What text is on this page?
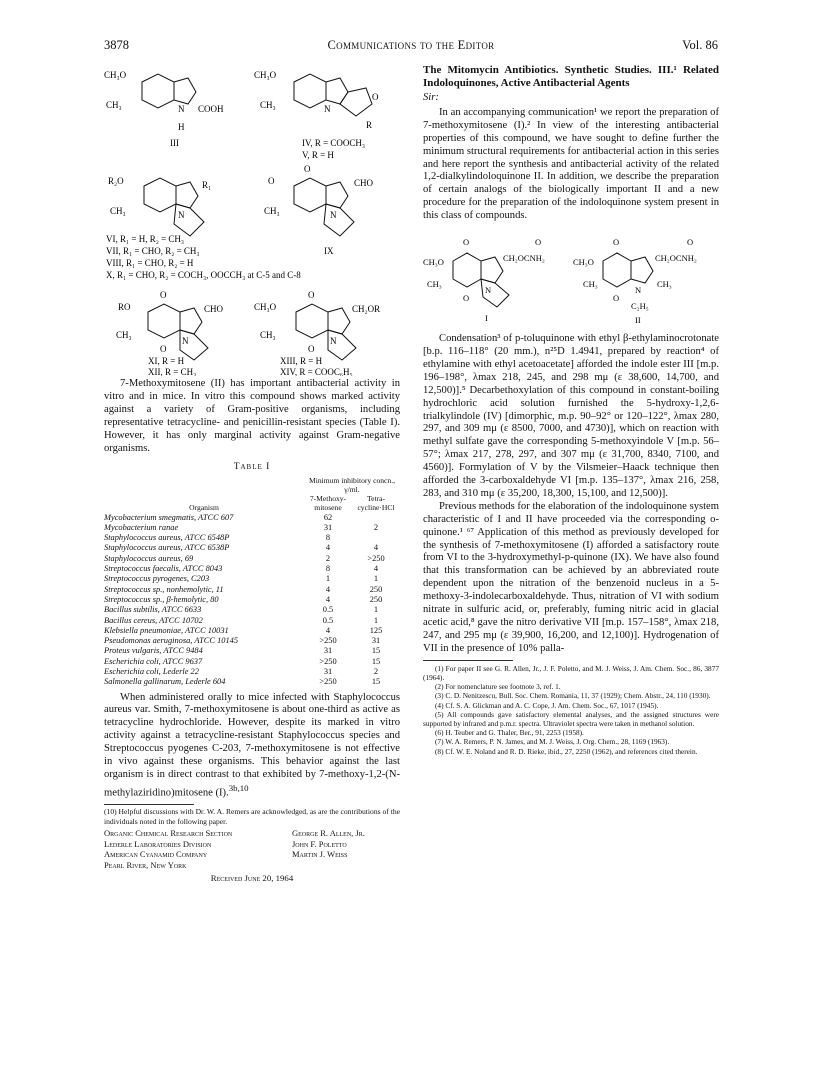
3878	Communications to the Editor	Vol. 86
CH₃O
CH₃	N COOH
H
III
CH₃O
CH₃	N
O
R
IV, R = COOCH₃
V, R = H
R₂O	R₁
CH₃	N
O
O
CHO
CH₃	N
IX
VI, R₁ = H, R₂ = CH₃
VII, R₁ = CHO, R₂ = CH₃
VIII, R₁ = CHO, R₂ = H
X, R₁ = CHO, R₂ = COCH₃, OOCCH₃ at C-5 and C-8
RO
O
CHO
CH₃
O
N
XI, R = H
XII, R = CH₃
CH₃O
O
CH₂OR
CH₃
O
N
XIII, R = H
XIV, R = COOC₆H₅

7-Methoxymitosene (II) has important antibacterial activity in vitro and in mice. In vitro this compound shows marked activity against a variety of Gram-positive organisms, including representative tetracycline- and penicillin-resistant species (Table I). However, it has only marginal activity against Gram-negative organisms.

Table I
	Minimum inhibitory concn., γ/ml.	
Organism	7-Methoxy-mitosene	Tetra-cycline·HCl
Mycobacterium smegmatis, ATCC 607	62	
Mycobacterium ranae	31	2
Staphylococcus aureus, ATCC 6548P	8	
Staphylococcus aureus, ATCC 6538P	4	4
Staphylococcus aureus, 69	2	>250
Streptococcus faecalis, ATCC 8043	8	4
Streptococcus pyrogenes, C203	1	1
Streptococcus sp., nonhemolytic, 11	4	250
Streptococcus sp., β-hemolytic, 80	4	250
Bacillus subtilis, ATCC 6633	0.5	1
Bacillus cereus, ATCC 10702	0.5	1
Klebsiella pneumoniae, ATCC 10031	4	125
Pseudomonas aeruginosa, ATCC 10145	>250	31
Proteus vulgaris, ATCC 9484	31	15
Escherichia coli, ATCC 9637	>250	15
Escherichia coli, Lederle 22	31	2
Salmonella gallinarum, Lederle 604	>250	15

When administered orally to mice infected with Staphylococcus aureus var. Smith, 7-methoxymitosene is about one-third as active as tetracycline hydrochloride. However, despite its marked in vitro activity against a tetracycline-resistant Staphylococcus species and Streptococcus pyogenes C-203, 7-methoxymitosene is not effective in vivo against these organisms. This behavior against the last organism is in direct contrast to that exhibited by 7-methoxy-1,2-(N-methylaziridino)mitosene (I).$^{3b,10}$

(10) Helpful discussions with Dr. W. A. Remers are acknowledged, as are the contributions of the individuals noted in the following paper.
Organic Chemical Research Section	George R. Allen, Jr.
Lederle Laboratories Division	John F. Poletto
American Cyanamid Company	Martin J. Weiss
Pearl River, New York
Received June 20, 1964
The Mitomycin Antibiotics. Synthetic Studies. III.¹ Related Indoloquinones, Active Antibacterial Agents
Sir:

In an accompanying communication¹ we report the preparation of 7-methoxymitosene (I).² In view of the interesting antibacterial properties of this compound, we have sought to define further the minimum structural requirements for antibacterial action in this series and here report the synthesis and antibacterial activity of the related 1,2-dialkylindoloquinone II. In addition, we describe the preparation of certain analogs of the biologically important II and a new procedure for the preparation of the indoloquinone system present in this class of compounds.

CH₃O
O
CH₂OCNH₂
O
CH₃
O
N
I
CH₃O
O
CH₂OCNH₂
O
CH₃
O
N
CH₃
C₂H₅
II

Condensation³ of p-toluquinone with ethyl β-ethylaminocrotonate [b.p. 116–118° (20 mm.), n²⁵D 1.4941, prepared by reaction⁴ of ethylamine with ethyl acetoacetate] afforded the indole ester III [m.p. 196–198°, λmax 218, 245, and 298 mμ (ε 38,600, 14,700, and 12,500)].⁵ Decarbethoxylation of this compound in constant-boiling hydrochloric acid solution furnished the 5-hydroxy-1,2,6-trialkylindole (IV) [dimorphic, m.p. 90–92° or 120–122°, λmax 280, 297, and 309 mμ (ε 8500, 7000, and 4730)], which on reaction with methyl sulfate gave the corresponding 5-methoxyindole V [m.p. 56–57°; λmax 217, 278, 297, and 307 mμ (ε 31,700, 8340, 7100, and 4560)]. Formylation of V by the Vilsmeier–Haack technique then afforded the 3-carboxaldehyde VI [m.p. 135–137°, λmax 216, 258, 283, and 310 mμ (ε 35,200, 18,300, 15,100, and 12,500)].

Previous methods for the elaboration of the indoloquinone system characteristic of I and II have proceeded via the corresponding o-quinone.¹ ⁶⁷ Application of this method as previously developed for the synthesis of 7-methoxymitosene (I) afforded a satisfactory route from VI to the 3-hydroxymethyl-p-quinone (IX). We have also found that this transformation can be achieved by an abbreviated route dependent upon the nitration of the benzenoid nucleus in a 5-methoxy-3-indolecarboxaldehyde. Thus, nitration of VI with sodium nitrate in sulfuric acid, or, preferably, fuming nitric acid in glacial acetic acid,⁸ gave the nitro derivative VII [m.p. 157–158°, λmax 218, 247, and 295 mμ (ε 39,900, 16,200, and 12,100)]. Hydrogenation of VII in the presence of 10% palla-

(1) For paper II see G. R. Allen, Jr., J. F. Poletto, and M. J. Weiss, J. Am. Chem. Soc., 86, 3877 (1964).
(2) For nomenclature see footnote 3, ref. 1.
(3) C. D. Nenitzescu, Bull. Soc. Chem. Romania, 11, 37 (1929); Chem. Abstr., 24, 110 (1930).
(4) Cf. S. A. Glickman and A. C. Cope, J. Am. Chem. Soc., 67, 1017 (1945).
(5) All compounds gave satisfactory elemental analyses, and the assigned structures were supported by infrared and p.m.r. spectra. Ultraviolet spectra were taken in methanol solution.
(6) H. Teuber and G. Thaler, Ber., 91, 2253 (1958).
(7) W. A. Remers, P. N. James, and M. J. Weiss, J. Org. Chem., 28, 1169 (1963).
(8) Cf. W. E. Noland and R. D. Rieke, ibid., 27, 2250 (1962), and references cited therein.
